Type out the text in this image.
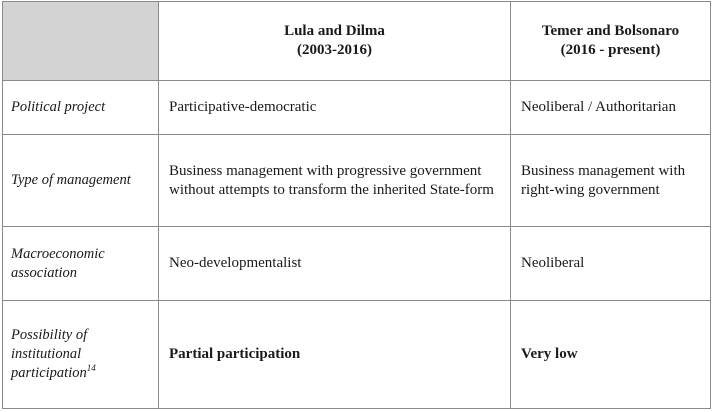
	Lula and Dilma
(2003-2016)	Temer and Bolsonaro
(2016 - present)

Political project	Participative-democratic	Neoliberal / Authoritarian
Type of management	Business management with progressive government without attempts to transform the inherited State-form	Business management with right-wing government
Macroeconomic association	Neo-developmentalist	Neoliberal
Possibility of institutional participation$^{14}$	Partial participation	Very low
